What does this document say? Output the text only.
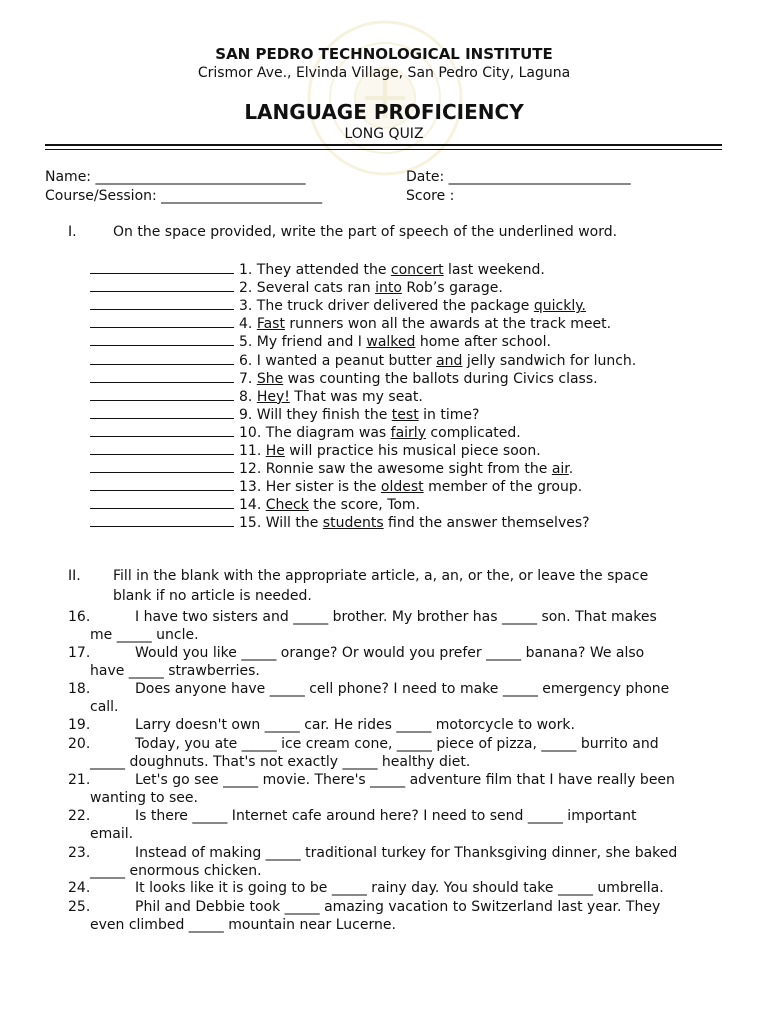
SAN PEDRO TECHNOLOGICAL INSTITUTE
Crismor Ave., Elvinda Village, San Pedro City, Laguna
LANGUAGE PROFICIENCY
LONG QUIZ
Name: ______________________________	Date: __________________________
Course/Session: _______________________	Score :
I.	On the space provided, write the part of speech of the underlined word.
1. They attended the concert last weekend.
2. Several cats ran into Rob’s garage.
3. The truck driver delivered the package quickly.
4. Fast runners won all the awards at the track meet.
5. My friend and I walked home after school.
6. I wanted a peanut butter and jelly sandwich for lunch.
7. She was counting the ballots during Civics class.
8. Hey! That was my seat.
9. Will they finish the test in time?
10. The diagram was fairly complicated.
11. He will practice his musical piece soon.
12. Ronnie saw the awesome sight from the air.
13. Her sister is the oldest member of the group.
14. Check the score, Tom.
15. Will the students find the answer themselves?
II. Fill in the blank with the appropriate article, a, an, or the, or leave the space
blank if no article is needed.
16.	I have two sisters and _____ brother. My brother has _____ son. That makes
me _____ uncle.
17.	Would you like _____ orange? Or would you prefer _____ banana? We also
have _____ strawberries.
18.	Does anyone have _____ cell phone? I need to make _____ emergency phone
call.
19.	Larry doesn't own _____ car. He rides _____ motorcycle to work.
20.	Today, you ate _____ ice cream cone, _____ piece of pizza, _____ burrito and
_____ doughnuts. That's not exactly _____ healthy diet.
21.	Let's go see _____ movie. There's _____ adventure film that I have really been
wanting to see.
22.	Is there _____ Internet cafe around here? I need to send _____ important
email.
23.	Instead of making _____ traditional turkey for Thanksgiving dinner, she baked
_____ enormous chicken.
24.	It looks like it is going to be _____ rainy day. You should take _____ umbrella.
25.	Phil and Debbie took _____ amazing vacation to Switzerland last year. They
even climbed _____ mountain near Lucerne.
